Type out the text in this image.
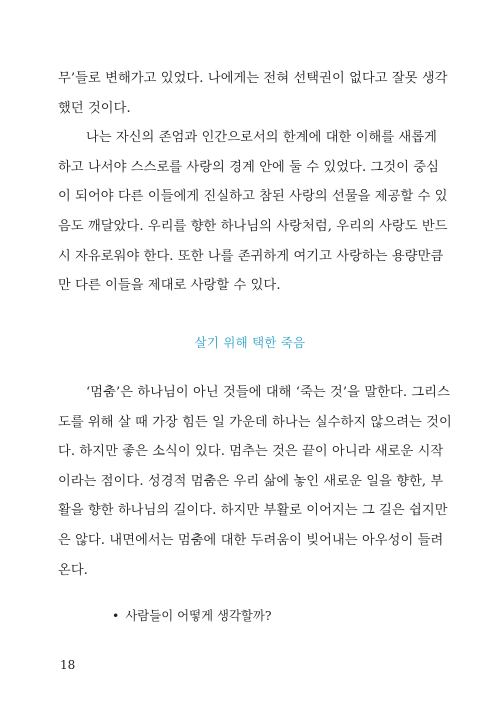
무’들로 변해가고 있었다. 나에게는 전혀 선택권이 없다고 잘못 생각
했던 것이다.

나는 자신의 존엄과 인간으로서의 한계에 대한 이해를 새롭게
하고 나서야 스스로를 사랑의 경계 안에 둘 수 있었다. 그것이 중심
이 되어야 다른 이들에게 진실하고 참된 사랑의 선물을 제공할 수 있
음도 깨달았다. 우리를 향한 하나님의 사랑처럼, 우리의 사랑도 반드
시 자유로워야 한다. 또한 나를 존귀하게 여기고 사랑하는 용량만큼
만 다른 이들을 제대로 사랑할 수 있다.

살기 위해 택한 죽음

‘멈춤’은 하나님이 아닌 것들에 대해 ‘죽는 것’을 말한다. 그리스
도를 위해 살 때 가장 힘든 일 가운데 하나는 실수하지 않으려는 것이
다. 하지만 좋은 소식이 있다. 멈추는 것은 끝이 아니라 새로운 시작
이라는 점이다. 성경적 멈춤은 우리 삶에 놓인 새로운 일을 향한, 부
활을 향한 하나님의 길이다. 하지만 부활로 이어지는 그 길은 쉽지만
은 않다. 내면에서는 멈춤에 대한 두려움이 빚어내는 아우성이 들려
온다.

• 사람들이 어떻게 생각할까?
18
